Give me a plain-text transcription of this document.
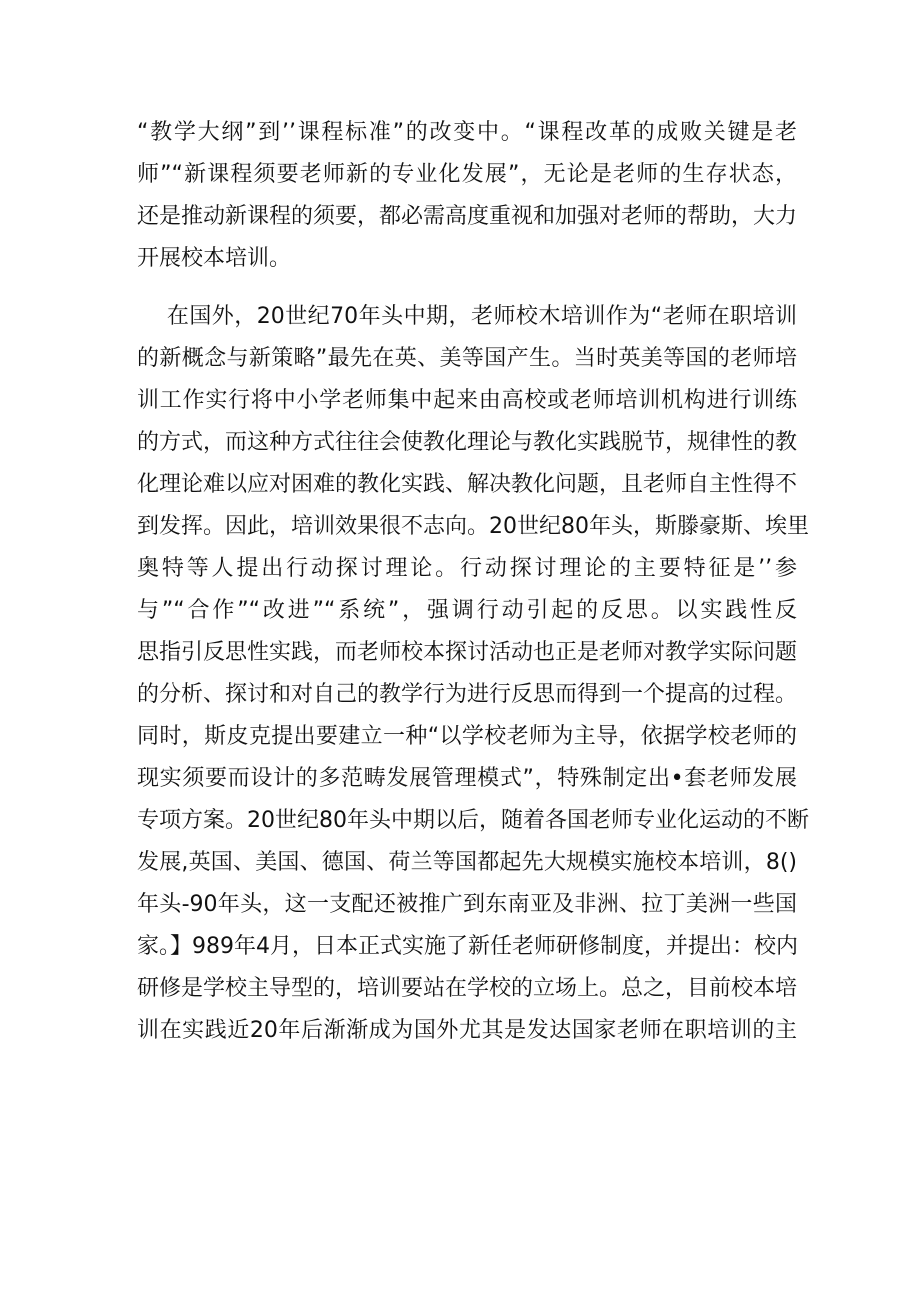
“教学大纲”到’’课程标准”的改变中。“课程改革的成败关键是老
师”“新课程须要老师新的专业化发展”，无论是老师的生存状态，
还是推动新课程的须要，都必需高度重视和加强对老师的帮助，大力
开展校本培训。
在国外，20世纪70年头中期，老师校木培训作为“老师在职培训
的新概念与新策略”最先在英、美等国产生。当时英美等国的老师培
训工作实行将中小学老师集中起来由高校或老师培训机构进行训练
的方式，而这种方式往往会使教化理论与教化实践脱节，规律性的教
化理论难以应对困难的教化实践、解决教化问题，且老师自主性得不
到发挥。因此，培训效果很不志向。20世纪80年头，斯滕豪斯、埃里
奥特等人提出行动探讨理论。行动探讨理论的主要特征是’’参
与”“合作”“改进”“系统”，强调行动引起的反思。以实践性反
思指引反思性实践，而老师校本探讨活动也正是老师对教学实际问题
的分析、探讨和对自己的教学行为进行反思而得到一个提高的过程。
同时，斯皮克提出要建立一种“以学校老师为主导，依据学校老师的
现实须要而设计的多范畴发展管理模式”，特殊制定出•套老师发展
专项方案。20世纪80年头中期以后，随着各国老师专业化运动的不断
发展,英国、美国、德国、荷兰等国都起先大规模实施校本培训，8()
年头-90年头，这一支配还被推广到东南亚及非洲、拉丁美洲一些国
家。】989年4月，日本正式实施了新任老师研修制度，并提出：校内
研修是学校主导型的，培训要站在学校的立场上。总之，目前校本培
训在实践近20年后渐渐成为国外尤其是发达国家老师在职培训的主
